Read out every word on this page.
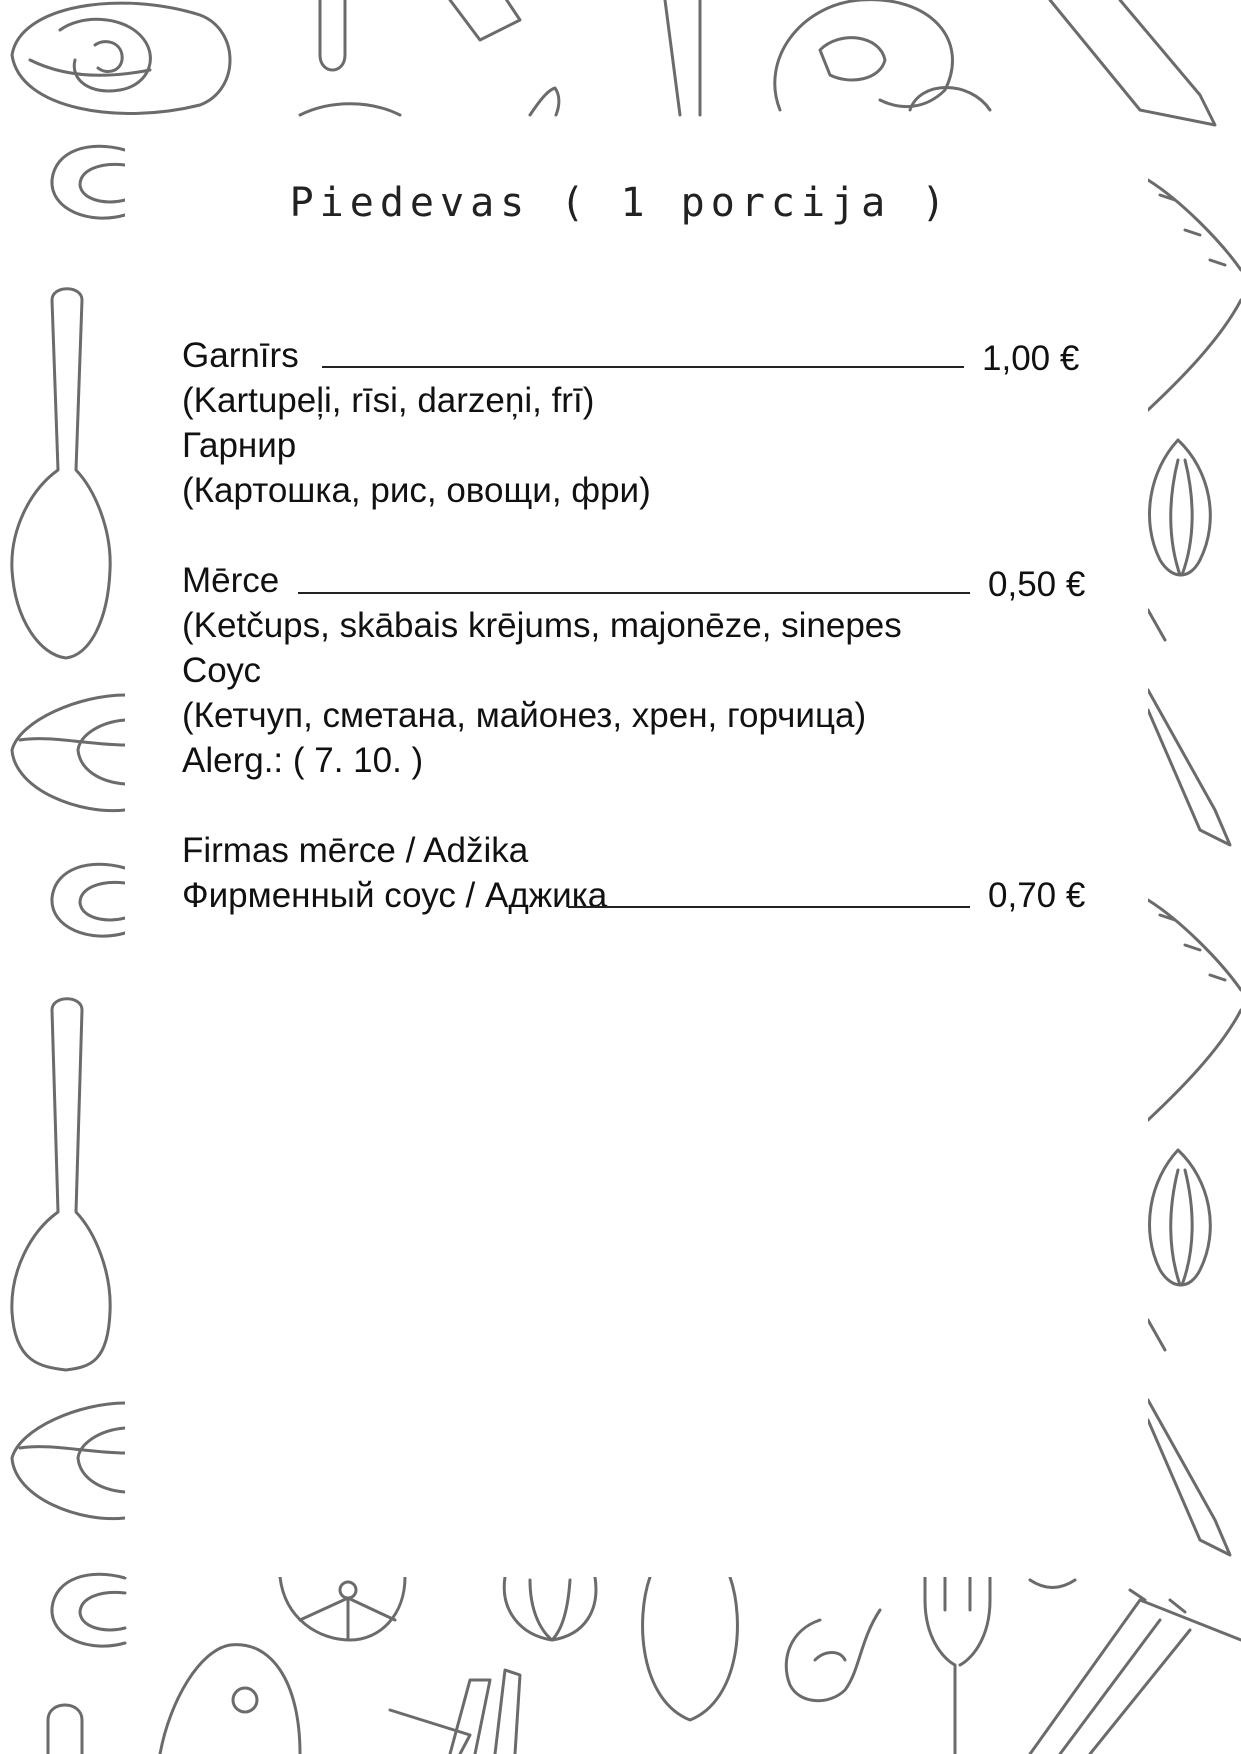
Piedevas ( 1 porcija )
Garnīrs	1,00 €
(Kartupeļi, rīsi, darzeņi, frī)
Гарнир
(Картошка, рис, овощи, фри)
Mērce	0,50 €
(Ketčups, skābais krējums, majonēze, sinepes
Соус
(Кетчуп, сметана, майонез, хрен, горчица)
Alerg.: ( 7. 10. )
Firmas mērce / Adžika
Фирменный соус / Аджика	0,70 €
